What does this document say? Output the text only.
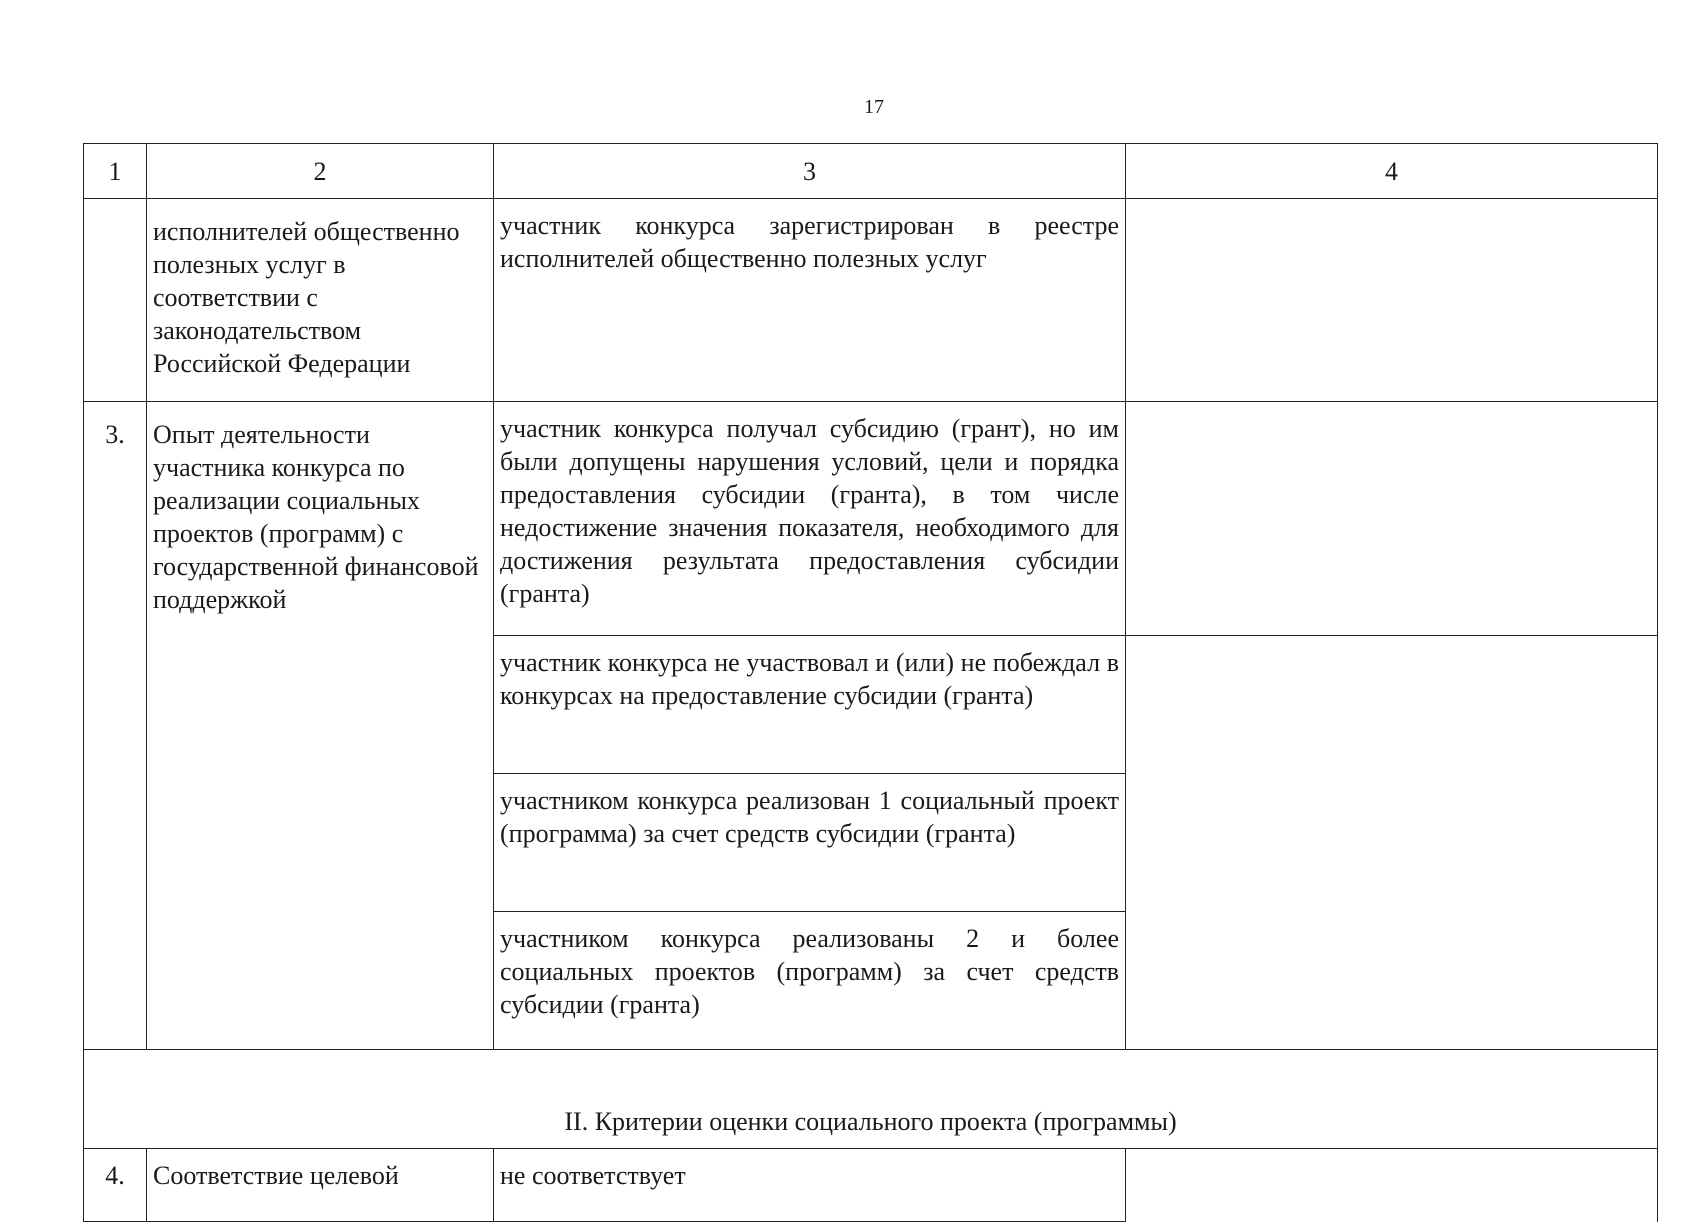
17
1	2	3	4
	исполнителей общественно полезных услуг в соответствии с законодательством Российской Федерации	участник конкурса зарегистрирован в реестре исполнителей общественно полезных услуг	
3.	Опыт деятельности участника конкурса по реализации социальных проектов (программ) с государственной финансовой поддержкой	участник конкурса получал субсидию (грант), но им были допущены нарушения условий, цели и порядка предоставления субсидии (гранта), в том числе недостижение значения показателя, необходимого для достижения результата предоставления субсидии (гранта)	
		участник конкурса не участвовал и (или) не побеждал в конкурсах на предоставление субсидии (гранта)	
		участником конкурса реализован 1 социальный проект (программа) за счет средств субсидии (гранта)	
		участником конкурса реализованы 2 и более социальных проектов (программ) за счет средств субсидии (гранта)	
II. Критерии оценки социального проекта (программы)			
4.	Соответствие целевой	не соответствует	
